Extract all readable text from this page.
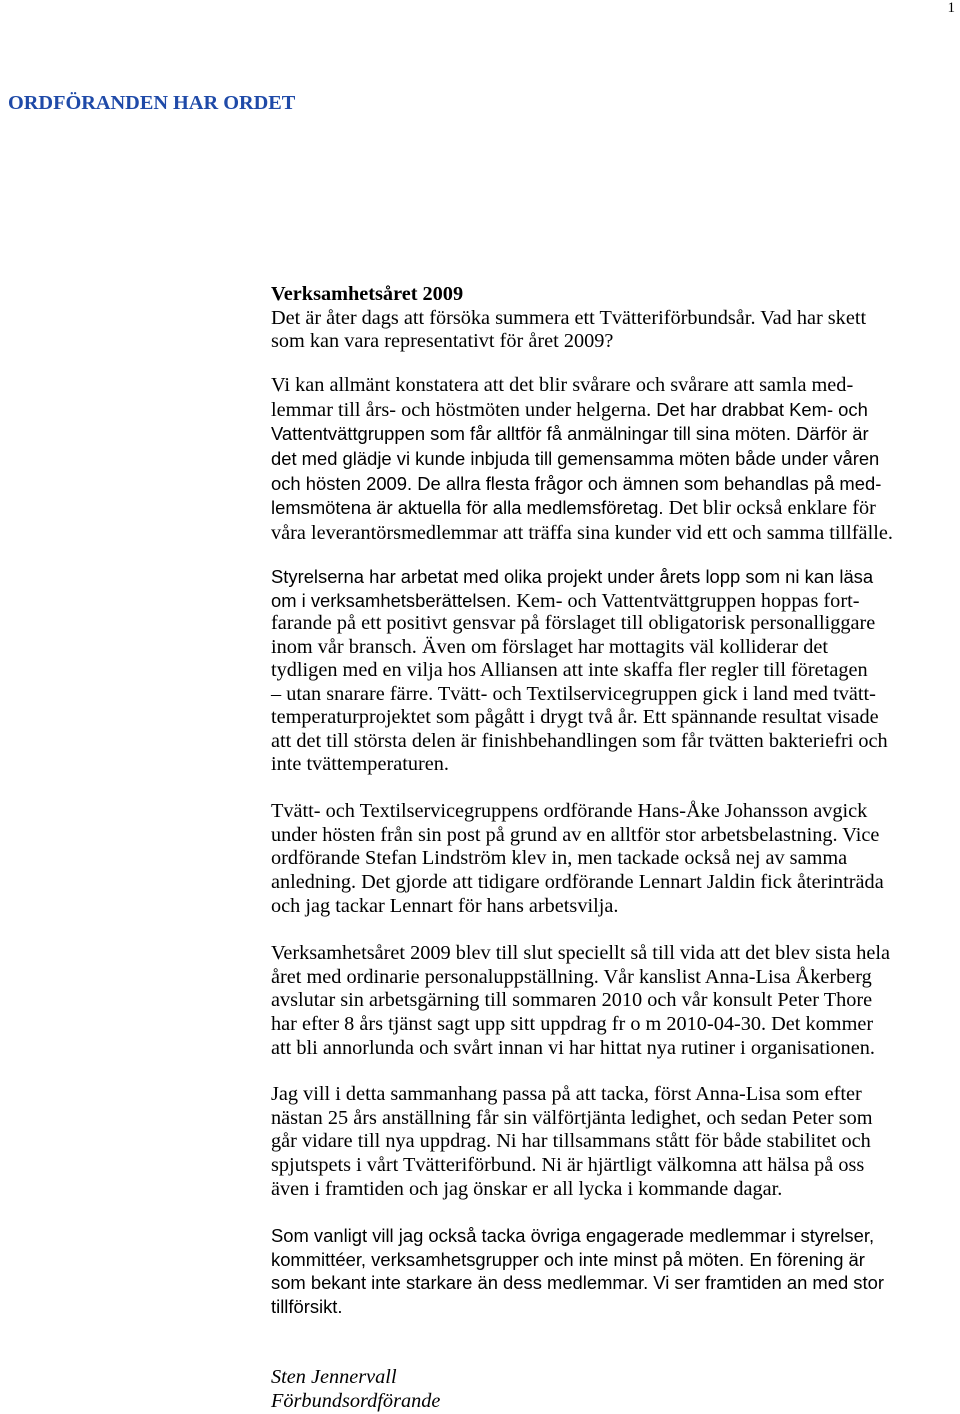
1
ORDFÖRANDEN HAR ORDET
Verksamhetsåret 2009
Det är åter dags att försöka summera ett Tvätteriförbundsår. Vad har skett
som kan vara representativt för året 2009?
Vi kan allmänt konstatera att det blir svårare och svårare att samla med-
lemmar till års- och höstmöten under helgerna. Det har drabbat Kem- och
Vattentvättgruppen som får alltför få anmälningar till sina möten. Därför är
det med glädje vi kunde inbjuda till gemensamma möten både under våren
och hösten 2009. De allra flesta frågor och ämnen som behandlas på med-
lemsmötena är aktuella för alla medlemsföretag. Det blir också enklare för
våra leverantörsmedlemmar att träffa sina kunder vid ett och samma tillfälle.
Styrelserna har arbetat med olika projekt under årets lopp som ni kan läsa
om i verksamhetsberättelsen. Kem- och Vattentvättgruppen hoppas fort-
farande på ett positivt gensvar på förslaget till obligatorisk personalliggare
inom vår bransch. Även om förslaget har mottagits väl kolliderar det
tydligen med en vilja hos Alliansen att inte skaffa fler regler till företagen
– utan snarare färre. Tvätt- och Textilservicegruppen gick i land med tvätt-
temperaturprojektet som pågått i drygt två år. Ett spännande resultat visade
att det till största delen är finishbehandlingen som får tvätten bakteriefri och
inte tvättemperaturen.
Tvätt- och Textilservicegruppens ordförande Hans-Åke Johansson avgick
under hösten från sin post på grund av en alltför stor arbetsbelastning. Vice
ordförande Stefan Lindström klev in, men tackade också nej av samma
anledning. Det gjorde att tidigare ordförande Lennart Jaldin fick återinträda
och jag tackar Lennart för hans arbetsvilja.
Verksamhetsåret 2009 blev till slut speciellt så till vida att det blev sista hela
året med ordinarie personaluppställning. Vår kanslist Anna-Lisa Åkerberg
avslutar sin arbetsgärning till sommaren 2010 och vår konsult Peter Thore
har efter 8 års tjänst sagt upp sitt uppdrag fr o m 2010-04-30. Det kommer
att bli annorlunda och svårt innan vi har hittat nya rutiner i organisationen.
Jag vill i detta sammanhang passa på att tacka, först Anna-Lisa som efter
nästan 25 års anställning får sin välförtjänta ledighet, och sedan Peter som
går vidare till nya uppdrag. Ni har tillsammans stått för både stabilitet och
spjutspets i vårt Tvätteriförbund. Ni är hjärtligt välkomna att hälsa på oss
även i framtiden och jag önskar er all lycka i kommande dagar.
Som vanligt vill jag också tacka övriga engagerade medlemmar i styrelser,
kommittéer, verksamhetsgrupper och inte minst på möten. En förening är
som bekant inte starkare än dess medlemmar. Vi ser framtiden an med stor
tillförsikt.
Sten Jennervall
Förbundsordförande
